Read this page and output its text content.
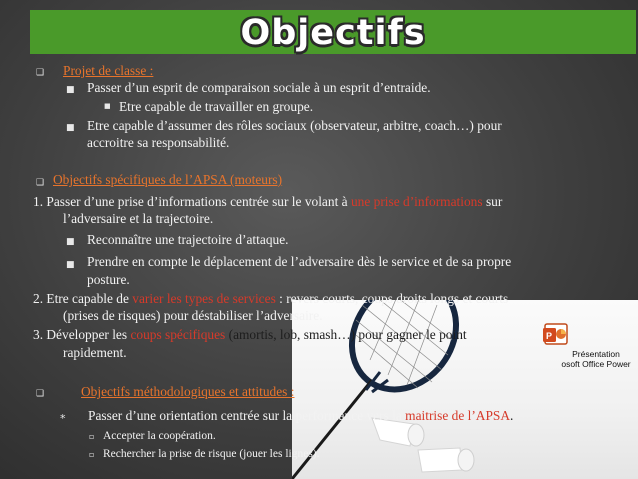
Objectifs
❑ Projet de classe :
■ Passer d’un esprit de comparaison sociale à un esprit d’entraide.
■ Etre capable de travailler en groupe.
■ Etre capable d’assumer des rôles sociaux (observateur, arbitre, coach…) pour
accroitre sa responsabilité.
❑ Objectifs spécifiques de l’APSA (moteurs)
1. Passer d’une prise d’informations centrée sur le volant à une prise d’informations sur
l’adversaire et la trajectoire.
■ Reconnaître une trajectoire d’attaque.
■ Prendre en compte le déplacement de l’adversaire dès le service et de sa propre
posture.
2. Etre capable de varier les types de services : revers courts, coups droits longs et courts
(prises de risques) pour déstabiliser l’adversaire.
3. Développer les coups spécifiques (amortis, lob, smash…) pour gagner le point
rapidement.
❑	Objectifs méthodologiques et attitudes :
* Passer d’une orientation centrée sur la performance vers la maitrise de l’APSA.
▫ Accepter la coopération.
▫ Rechercher la prise de risque (jouer les lignes).
P
Présentation
osoft Office Power
